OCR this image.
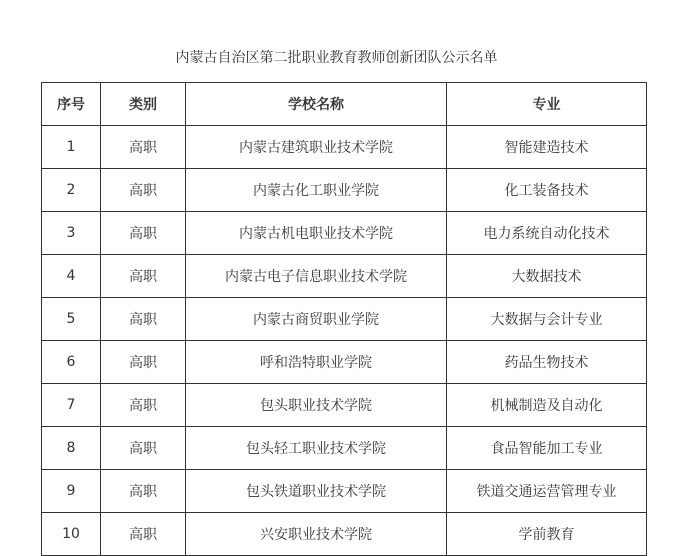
内蒙古自治区第二批职业教育教师创新团队公示名单
序号	类别	学校名称	专业
1	高职	内蒙古建筑职业技术学院	智能建造技术
2	高职	内蒙古化工职业学院	化工装备技术
3	高职	内蒙古机电职业技术学院	电力系统自动化技术
4	高职	内蒙古电子信息职业技术学院	大数据技术
5	高职	内蒙古商贸职业学院	大数据与会计专业
6	高职	呼和浩特职业学院	药品生物技术
7	高职	包头职业技术学院	机械制造及自动化
8	高职	包头轻工职业技术学院	食品智能加工专业
9	高职	包头铁道职业技术学院	铁道交通运营管理专业
10	高职	兴安职业技术学院	学前教育
